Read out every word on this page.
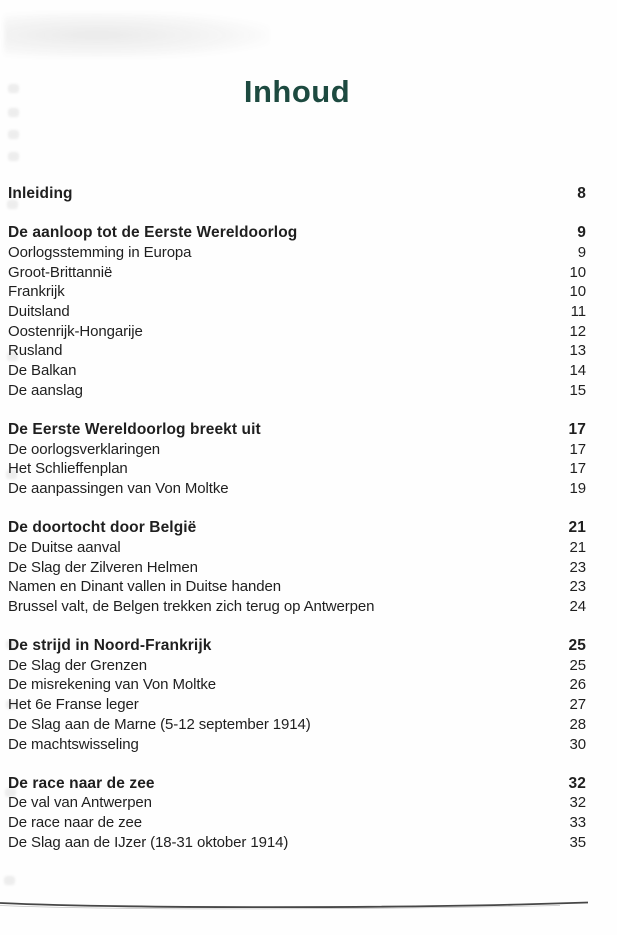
Inhoud
Inleiding	8
De aanloop tot de Eerste Wereldoorlog	9
Oorlogsstemming in Europa	9
Groot-Brittannië	10
Frankrijk	10
Duitsland	11
Oostenrijk-Hongarije	12
Rusland	13
De Balkan	14
De aanslag	15
De Eerste Wereldoorlog breekt uit	17
De oorlogsverklaringen	17
Het Schlieffenplan	17
De aanpassingen van Von Moltke	19
De doortocht door België	21
De Duitse aanval	21
De Slag der Zilveren Helmen	23
Namen en Dinant vallen in Duitse handen	23
Brussel valt, de Belgen trekken zich terug op Antwerpen	24
De strijd in Noord-Frankrijk	25
De Slag der Grenzen	25
De misrekening van Von Moltke	26
Het 6e Franse leger	27
De Slag aan de Marne (5-12 september 1914)	28
De machtswisseling	30
De race naar de zee	32
De val van Antwerpen	32
De race naar de zee	33
De Slag aan de IJzer (18-31 oktober 1914)	35
